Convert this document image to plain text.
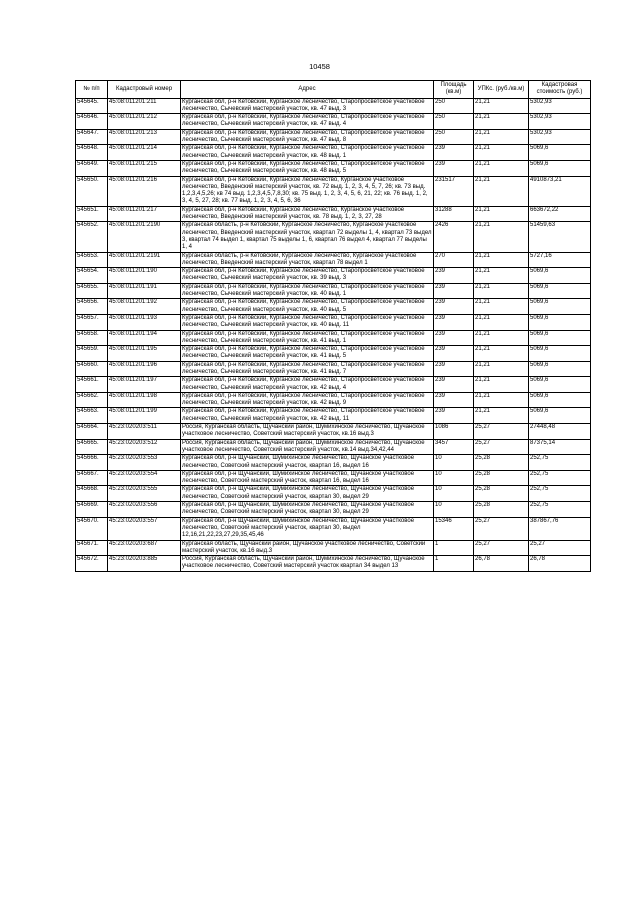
10458
№ п/п	Кадастровый номер	Адрес	Площадь (кв.м)	УПКс. (руб./кв.м)	Кадастровая стоимость (руб.)
545645.	45:08:011201:211	Курганская обл, р-н Кетовский, Курганское лесничество, Старопросветское участковое лесничество, Сычевский мастерский участок, кв. 47 выд. 3	250	21,21	5302,93
545646.	45:08:011201:212	Курганская обл, р-н Кетовский, Курганское лесничество, Старопросветское участковое лесничество, Сычевский мастерский участок, кв. 47 выд. 4	250	21,21	5302,93
545647.	45:08:011201:213	Курганская обл, р-н Кетовский, Курганское лесничество, Старопросветское участковое лесничество, Сычевский мастерский участок, кв. 47 выд. 8	250	21,21	5302,93
545648.	45:08:011201:214	Курганская обл, р-н Кетовский, Курганское лесничество, Старопросветское участковое лесничество, Сычевский мастерский участок, кв. 48 выд. 1	239	21,21	5069,6
545649.	45:08:011201:215	Курганская обл, р-н Кетовский, Курганское лесничество, Старопросветское участковое лесничество, Сычевский мастерский участок, кв. 48 выд. 5	239	21,21	5069,6
545650.	45:08:011201:216	Курганская обл, р-н Кетовский, Курганское лесничество, Курганское участковое лесничество, Введенский мастерский участок, кв. 72 выд. 1, 2, 3, 4, 5, 7, 26; кв. 73 выд. 1,2,3,4,5,26; кв 74 выд. 1,2,3,4,5,7,8,30; кв. 75 выд. 1, 2, 3, 4, 5, 6, 21, 22; кв. 76 выд. 1, 2, 3, 4, 5, 27, 28; кв. 77 выд. 1, 2, 3, 4, 5, 6, 36	231517	21,21	4910873,21
545651.	45:08:011201:217	Курганская обл, р-н Кетовский, Курганское лесничество, Курганское участковое лесничество, Введенский мастерский участок, кв. 78 выд. 1, 2, 3, 27, 28	31288	21,21	663672,22
545652.	45:08:011201:2190	Курганская область, р-н Кетовский, Курганское лесничество, Курганское участковое лесничество, Введенский мастерский участок, квартал 72 выделы 1, 4, квартал 73 выдел 3, квартал 74 выдел 1, квартал 75 выделы 1, 6, квартал 76 выдел 4, квартал 77 выделы 1, 4	2426	21,21	51459,63
545653.	45:08:011201:2191	Курганская область, р-н Кетовский, Курганское лесничество, Курганское участковое лесничество, Введенский мастерский участок, квартал 78 выдел 1	270	21,21	5727,16
545654.	45:08:011201:190	Курганская обл, р-н Кетовский, Курганское лесничество, Старопросветское участковое лесничество, Сычевский мастерский участок, кв. 39 выд. 3	239	21,21	5069,6
545655.	45:08:011201:191	Курганская обл, р-н Кетовский, Курганское лесничество, Старопросветское участковое лесничество, Сычевский мастерский участок, кв. 40 выд. 1	239	21,21	5069,6
545656.	45:08:011201:192	Курганская обл, р-н Кетовский, Курганское лесничество, Старопросветское участковое лесничество, Сычевский мастерский участок, кв. 40 выд. 5	239	21,21	5069,6
545657.	45:08:011201:193	Курганская обл, р-н Кетовский, Курганское лесничество, Старопросветское участковое лесничество, Сычевский мастерский участок, кв. 40 выд. 11	239	21,21	5069,6
545658.	45:08:011201:194	Курганская обл, р-н Кетовский, Курганское лесничество, Старопросветское участковое лесничество, Сычевский мастерский участок, кв. 41 выд. 1	239	21,21	5069,6
545659.	45:08:011201:195	Курганская обл, р-н Кетовский, Курганское лесничество, Старопросветское участковое лесничество, Сычевский мастерский участок, кв. 41 выд. 5	239	21,21	5069,6
545660.	45:08:011201:196	Курганская обл, р-н Кетовский, Курганское лесничество, Старопросветское участковое лесничество, Сычевский мастерский участок, кв. 41 выд. 7	239	21,21	5069,6
545661.	45:08:011201:197	Курганская обл, р-н Кетовский, Курганское лесничество, Старопросветское участковое лесничество, Сычевский мастерский участок, кв. 42 выд. 4	239	21,21	5069,6
545662.	45:08:011201:198	Курганская обл, р-н Кетовский, Курганское лесничество, Старопросветское участковое лесничество, Сычевский мастерский участок, кв. 42 выд. 9	239	21,21	5069,6
545663.	45:08:011201:199	Курганская обл, р-н Кетовский, Курганское лесничество, Старопросветское участковое лесничество, Сычевский мастерский участок, кв. 42 выд. 11	239	21,21	5069,6
545664.	45:23:020203:511	Россия, Курганская область, Щучанский район, Шумихинское лесничество, Щучанское участковое лесничество, Советский мастерский участок, кв.16 выд.3	1086	25,27	27448,48
545665.	45:23:020203:512	Россия, Курганская область, Щучанский район, Шумихинское лесничество, Щучанское участковое лесничество, Советский мастерский участок, кв.14 выд.34,42,44	3457	25,27	87375,14
545666.	45:23:020203:553	Курганская обл, р-н Щучанский, Шумихинское лесничество, Щучанское участковое лесничество, Советский мастерский участок, квартал 16, выдел 16	10	25,28	252,75
545667.	45:23:020203:554	Курганская обл, р-н Щучанский, Шумихинское лесничество, Щучанское участковое лесничество, Советский мастерский участок, квартал 16, выдел 16	10	25,28	252,75
545668.	45:23:020203:555	Курганская обл, р-н Щучанский, Шумихинское лесничество, Щучанское участковое лесничество, Советский мастерский участок, квартал 30, выдел 29	10	25,28	252,75
545669.	45:23:020203:556	Курганская обл, р-н Щучанский, Шумихинское лесничество, Щучанское участковое лесничество, Советский мастерский участок, квартал 30, выдел 29	10	25,28	252,75
545670.	45:23:020203:557	Курганская обл, р-н Щучанский, Шумихинское лесничество, Щучанское участковое лесничество, Советский мастерский участок, квартал 30, выдел 12,16,21,22,23,27,29,35,45,46	15346	25,27	387867,76
545671.	45:23:020203:687	Курганская область, Щучанский район, Щучанское участковое лесничество, Советский мастерский участок, кв.16 выд.3	1	25,27	25,27
545672.	45:23:020203:885	Россия, Курганская область, Щучанский район, Шумихинское лесничество, Щучанское участковое лесничество, Советский мастерский участок квартал 34 выдел 13	1	26,78	26,78
